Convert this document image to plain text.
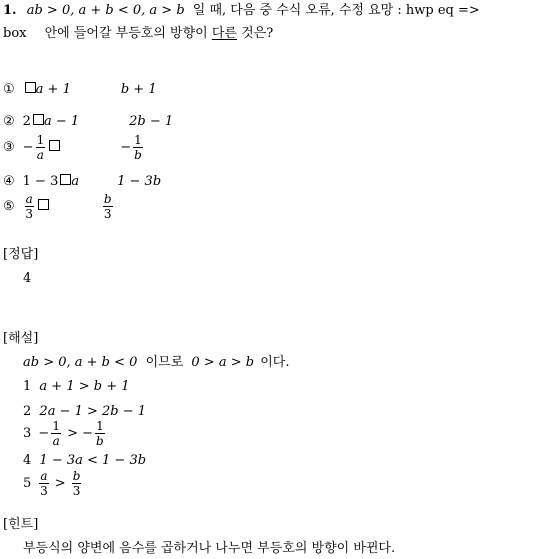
1. ab > 0, a + b < 0, a > b 일 때, 다음 중 수식 오류, 수정 요망 : hwp eq =>
box 안에 들어갈 부등호의 방향이 다른 것은?
①	a + 1	b + 1
② 2 a − 1	2b − 1
③ − $\frac{1}{a}$	− $\frac{1}{b}$
④ 1 − 3 a	1 − 3b
⑤ $\frac{a}{3}$	$\frac{b}{3}$
[정답]
4
[해설]
ab > 0, a + b < 0 이므로 0 > a > b 이다.
1 a + 1 > b + 1
2 2a − 1 > 2b − 1
$3 - \frac{1}{a}$ > − $\frac{1}{b}$
4 1 − 3a < 1 − 3b
$5 \frac{a}{3} > \frac{b}{3}$
[힌트]
부등식의 양변에 음수를 곱하거나 나누면 부등호의 방향이 바뀐다.
